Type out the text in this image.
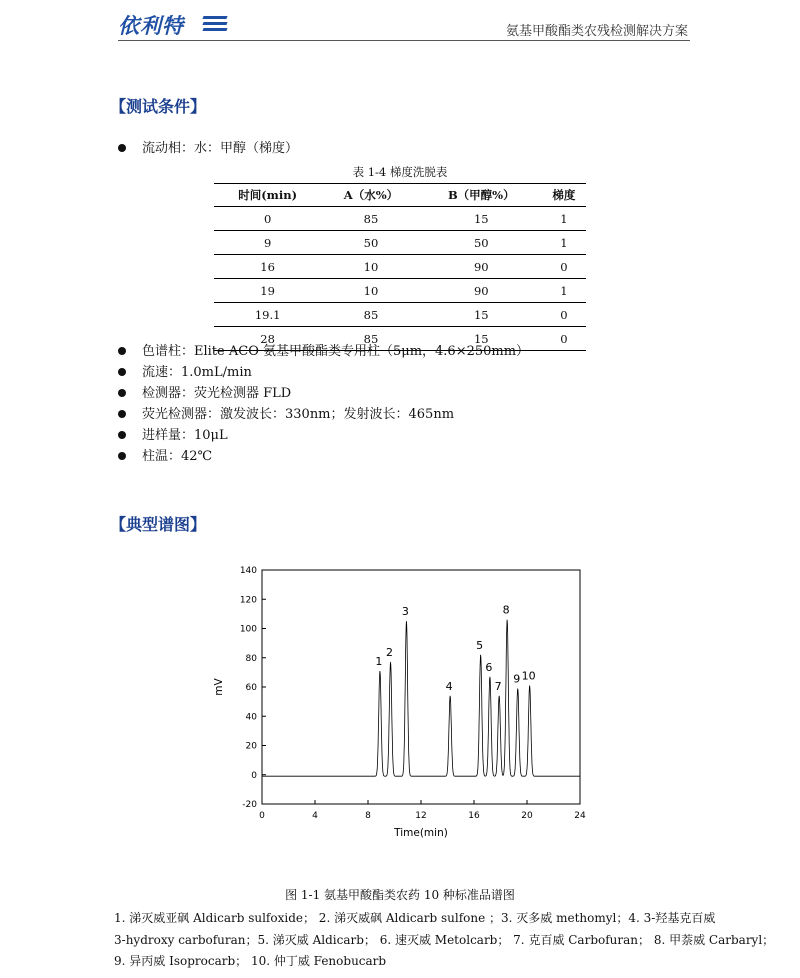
依利特	氨基甲酸酯类农残检测解决方案
【测试条件】
流动相：水：甲醇（梯度）
表 1-4 梯度洗脱表
时间(min)	A（水%）	B（甲醇%）	梯度
0	85	15	1
9	50	50	1
16	10	90	0
19	10	90	1
19.1	85	15	0
28	85	15	0
色谱柱：Elite ACO 氨基甲酸酯类专用柱（5μm，4.6×250mm）
流速：1.0mL/min
检测器：荧光检测器 FLD
荧光检测器：激发波长：330nm；发射波长：465nm
进样量：10μL
柱温：42℃
【典型谱图】
0	4	8	12	16	20	24
-20
0
20
40
60
80
100
120
140
Time(min)
mV
1
2
3
4
5
6
7
8
9 10
图 1-1 氨基甲酸酯类农药 10 种标准品谱图
1. 涕灭威亚砜 Aldicarb sulfoxide； 2. 涕灭威砜 Aldicarb sulfone ；3. 灭多威 methomyl；4. 3-羟基克百威
3-hydroxy carbofuran；5. 涕灭威 Aldicarb； 6. 速灭威 Metolcarb； 7. 克百威 Carbofuran； 8. 甲萘威 Carbaryl；
9. 异丙威 Isoprocarb； 10. 仲丁威 Fenobucarb
